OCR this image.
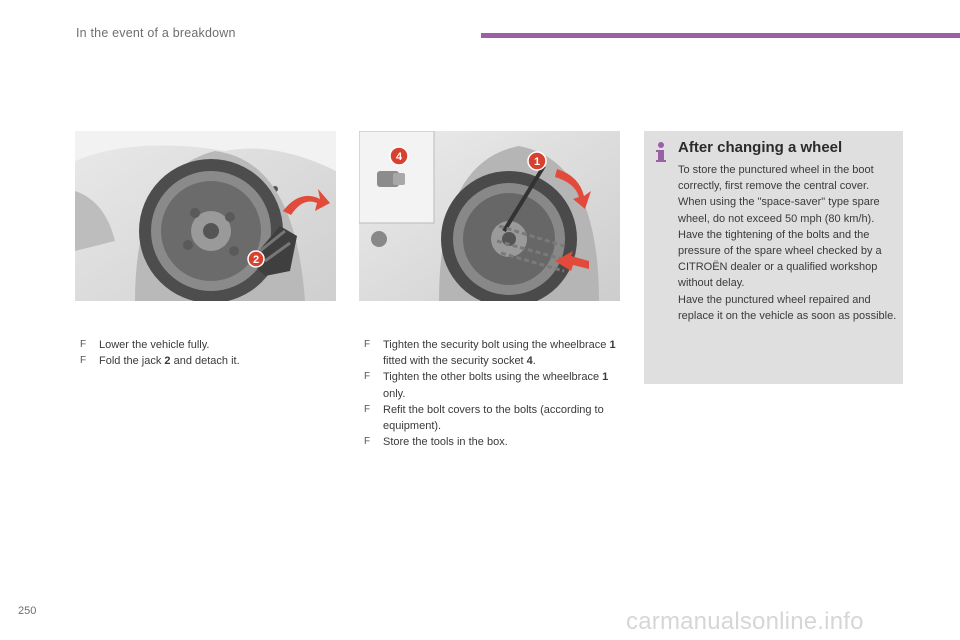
In the event of a breakdown
2
4	1
After changing a wheel

To store the punctured wheel in the boot correctly, first remove the central cover.

When using the "space-saver" type spare wheel, do not exceed 50 mph (80 km/h).

Have the tightening of the bolts and the pressure of the spare wheel checked by a CITROËN dealer or a qualified workshop without delay.

Have the punctured wheel repaired and replace it on the vehicle as soon as possible.

F Lower the vehicle fully.
F Fold the jack 2 and detach it.
F Tighten the security bolt using the wheelbrace 1 fitted with the security socket 4.
F Tighten the other bolts using the wheelbrace 1 only.
F Refit the bolt covers to the bolts (according to equipment).
F Store the tools in the box.
250	carmanualsonline.info
